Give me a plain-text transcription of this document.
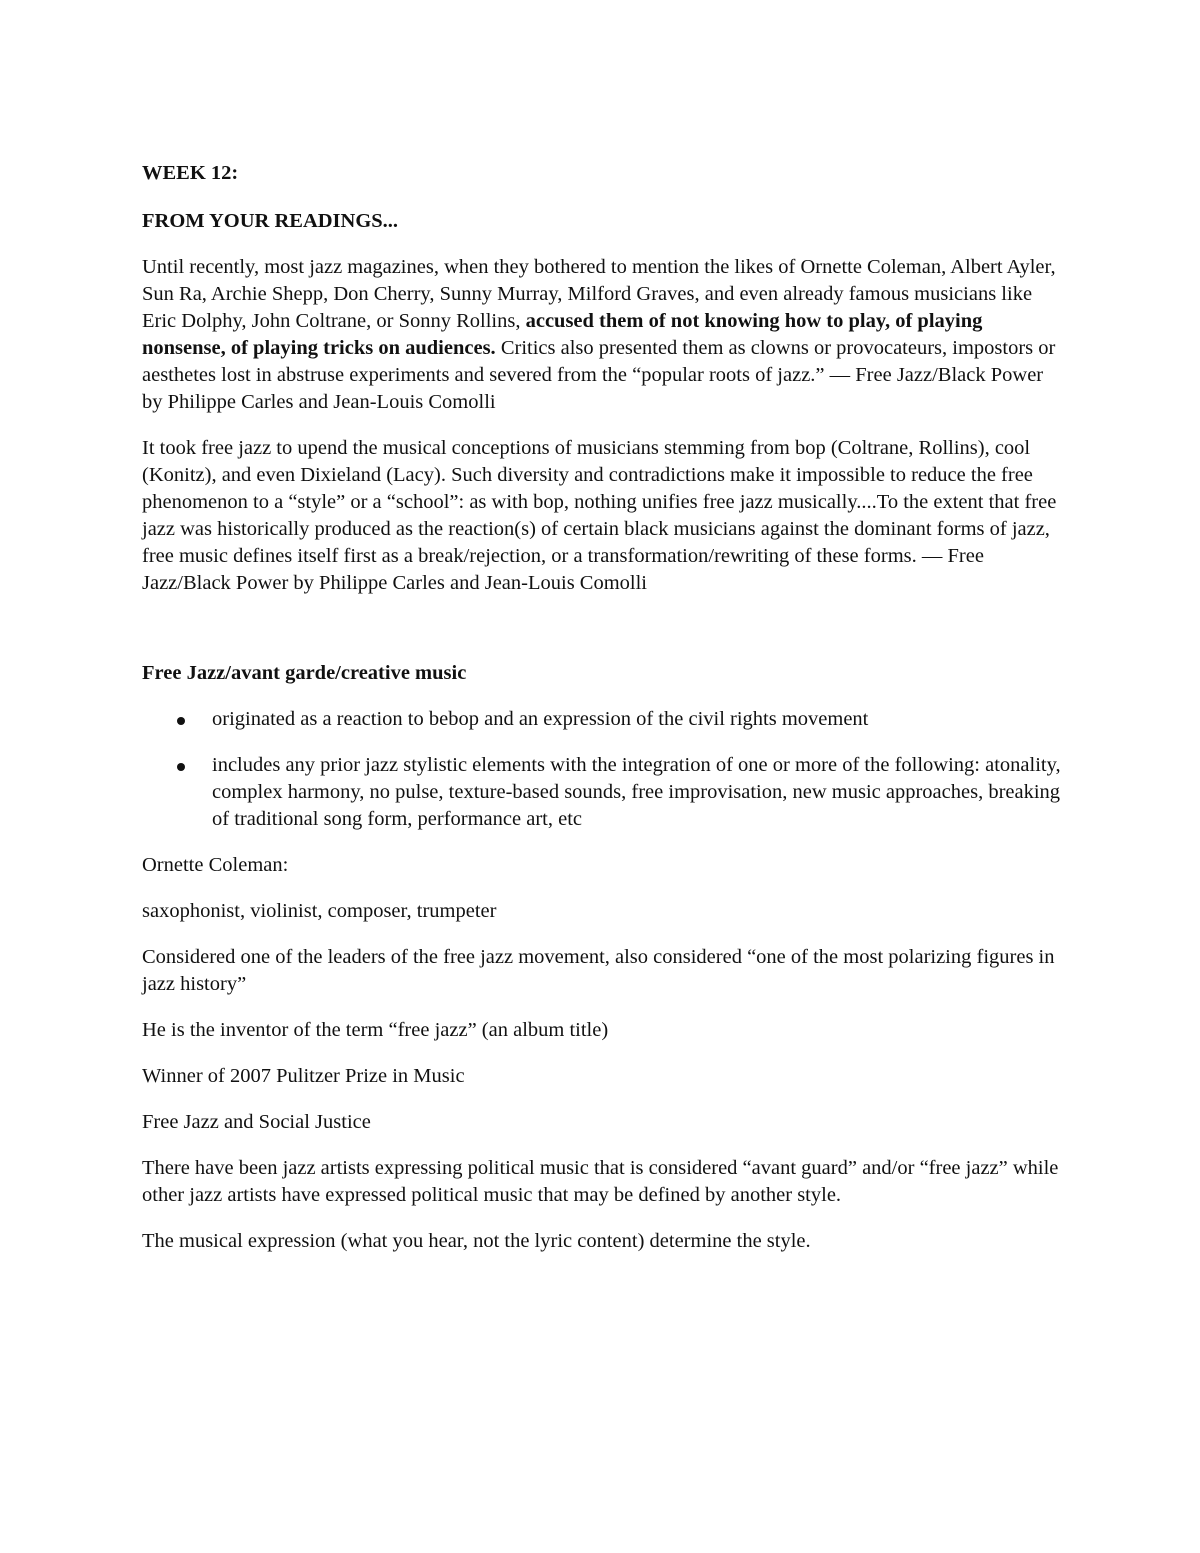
WEEK 12:

FROM YOUR READINGS...

Until recently, most jazz magazines, when they bothered to mention the likes of Ornette Coleman, Albert Ayler, Sun Ra, Archie Shepp, Don Cherry, Sunny Murray, Milford Graves, and even already famous musicians like Eric Dolphy, John Coltrane, or Sonny Rollins, accused them of not knowing how to play, of playing nonsense, of playing tricks on audiences. Critics also presented them as clowns or provocateurs, impostors or aesthetes lost in abstruse experiments and severed from the “popular roots of jazz.” — Free Jazz/Black Power by Philippe Carles and Jean-Louis Comolli

It took free jazz to upend the musical conceptions of musicians stemming from bop (Coltrane, Rollins), cool (Konitz), and even Dixieland (Lacy). Such diversity and contradictions make it impossible to reduce the free phenomenon to a “style” or a “school”: as with bop, nothing unifies free jazz musically....To the extent that free jazz was historically produced as the reaction(s) of certain black musicians against the dominant forms of jazz, free music defines itself first as a break/rejection, or a transformation/rewriting of these forms. — Free Jazz/Black Power by Philippe Carles and Jean-Louis Comolli

Free Jazz/avant garde/creative music

originated as a reaction to bebop and an expression of the civil rights movement
includes any prior jazz stylistic elements with the integration of one or more of the following: atonality, complex harmony, no pulse, texture-based sounds, free improvisation, new music approaches, breaking of traditional song form, performance art, etc

Ornette Coleman:

saxophonist, violinist, composer, trumpeter

Considered one of the leaders of the free jazz movement, also considered “one of the most polarizing figures in jazz history”

He is the inventor of the term “free jazz” (an album title)

Winner of 2007 Pulitzer Prize in Music

Free Jazz and Social Justice

There have been jazz artists expressing political music that is considered “avant guard” and/or “free jazz” while other jazz artists have expressed political music that may be defined by another style.

The musical expression (what you hear, not the lyric content) determine the style.
